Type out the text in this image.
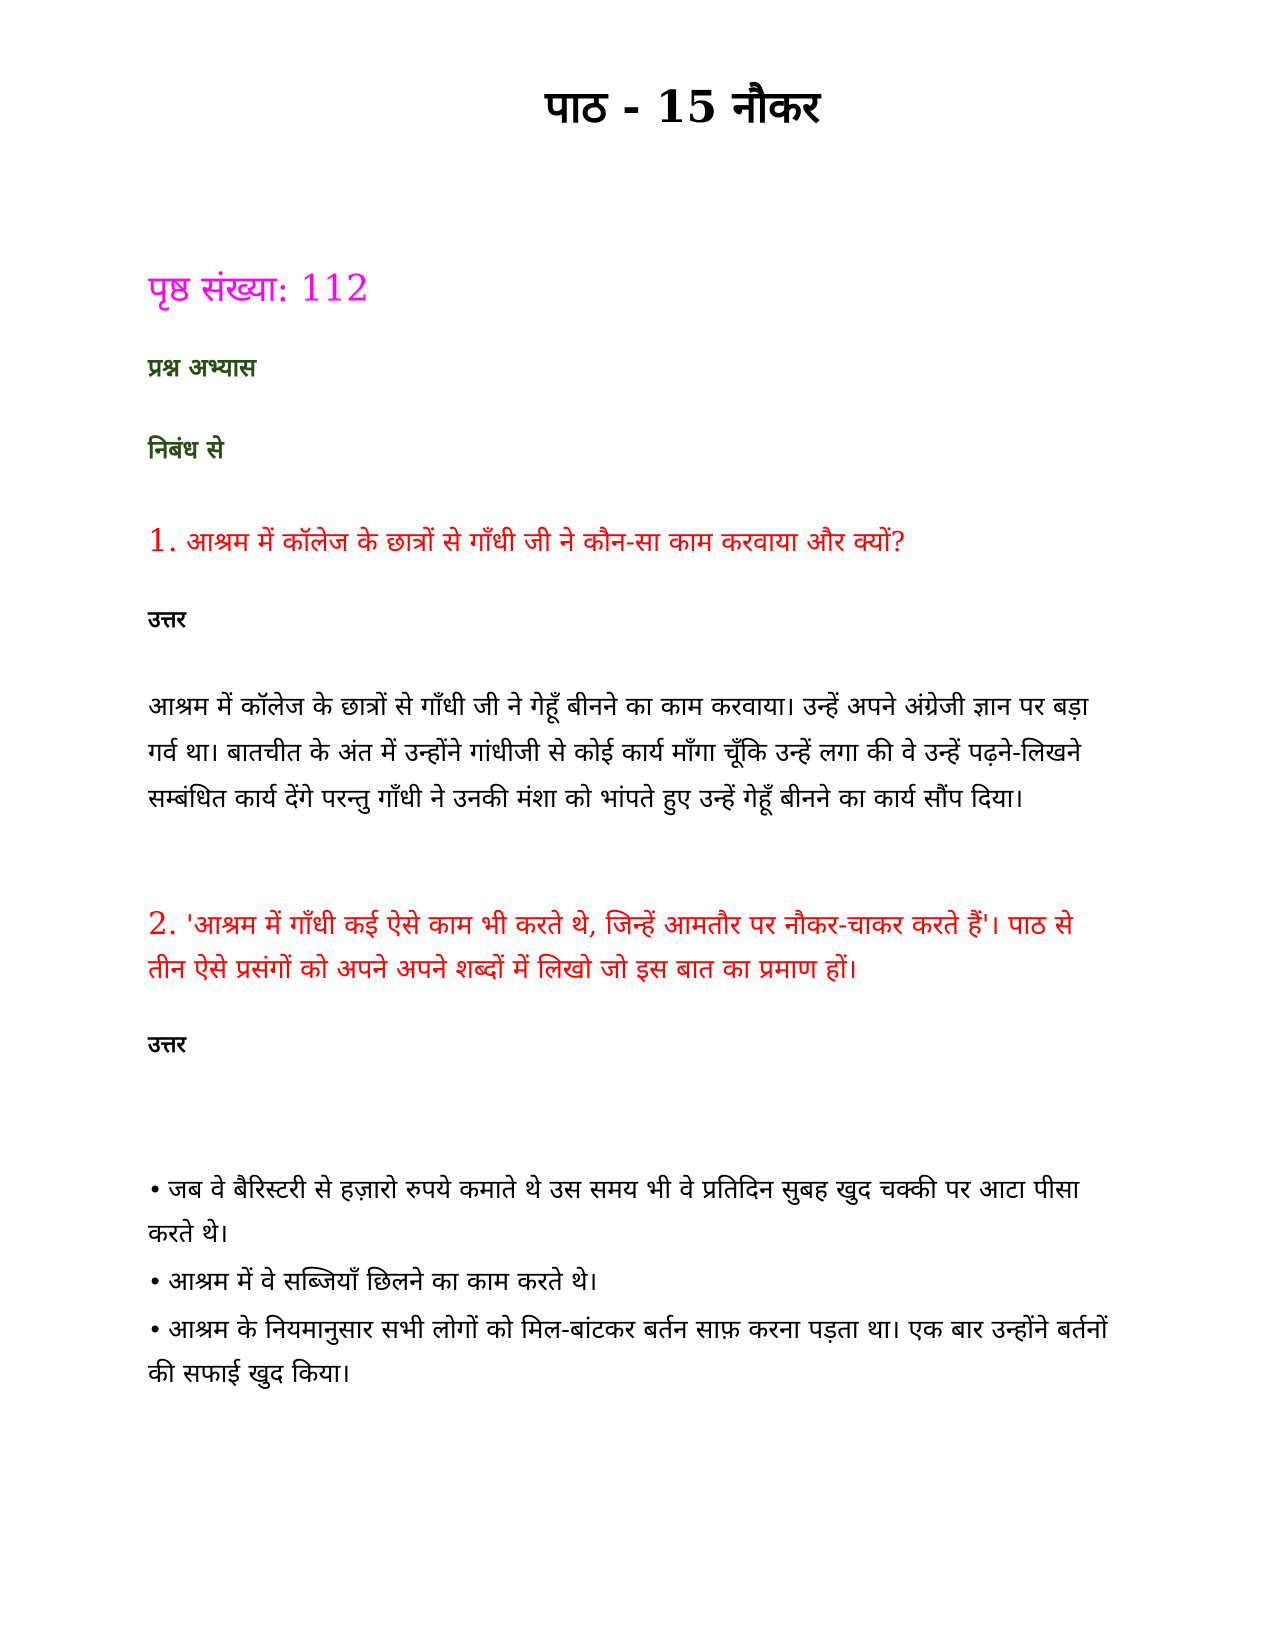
पाठ - 15 नौकर

पृष्ठ संख्या: 112

प्रश्न अभ्यास

निबंध से

1. आश्रम में कॉलेज के छात्रों से गाँधी जी ने कौन-सा काम करवाया और क्यों?

उत्तर

आश्रम में कॉलेज के छात्रों से गाँधी जी ने गेहूँ बीनने का काम करवाया। उन्हें अपने अंग्रेजी ज्ञान पर बड़ा गर्व था। बातचीत के अंत में उन्होंने गांधीजी से कोई कार्य माँगा चूँकि उन्हें लगा की वे उन्हें पढ़ने-लिखने सम्बंधित कार्य देंगे परन्तु गाँधी ने उनकी मंशा को भांपते हुए उन्हें गेहूँ बीनने का कार्य सौंप दिया।

2. 'आश्रम में गाँधी कई ऐसे काम भी करते थे, जिन्हें आमतौर पर नौकर-चाकर करते हैं'। पाठ से तीन ऐसे प्रसंगों को अपने अपने शब्दों में लिखो जो इस बात का प्रमाण हों।

उत्तर

• जब वे बैरिस्टरी से हज़ारो रुपये कमाते थे उस समय भी वे प्रतिदिन सुबह खुद चक्की पर आटा पीसा करते थे।
• आश्रम में वे सब्जियाँ छिलने का काम करते थे।
• आश्रम के नियमानुसार सभी लोगों को मिल-बांटकर बर्तन साफ़ करना पड़ता था। एक बार उन्होंने बर्तनों की सफाई खुद किया।
